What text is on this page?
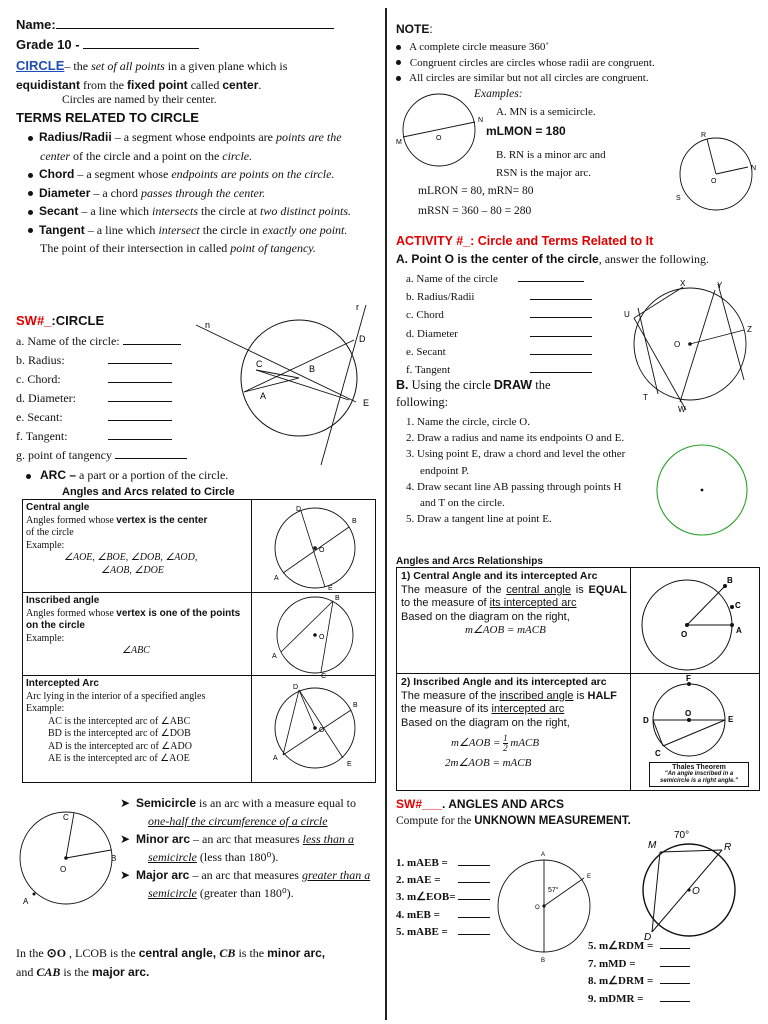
Name:
Grade 10 -
CIRCLE– the set of all points in a given plane which is
equidistant from the fixed point called center.
Circles are named by their center.
TERMS RELATED TO CIRCLE
Radius/Radii – a segment whose endpoints are points are the center of the circle and a point on the circle.
Chord – a segment whose endpoints are points on the circle.
Diameter – a chord passes through the center.
Secant – a line which intersects the circle at two distinct points.
Tangent – a line which intersect the circle in exactly one point. The point of their intersection in called point of tangency.
SW#_:CIRCLE
a. Name of the circle:
b. Radius:
c. Chord:
d. Diameter:
e. Secant:
f. Tangent:
g. point of tangency
n
r
D
C	B
A
E
ARC – a part or a portion of the circle.
Angles and Arcs related to Circle
Central angle
Angles formed whose vertex is the center
of the circle
Example:
∠AOE, ∠BOE, ∠DOB, ∠AOD,
∠AOB, ∠DOE
Inscribed angle
Angles formed whose vertex is one of the points on the circle
Example:
∠ABC
Intercepted Arc
Arc lying in the interior of a specified angles
Example:
AC is the intercepted arc of ∠ABC
BD is the intercepted arc of ∠DOB
AD is the intercepted arc of ∠ADO
AE is the intercepted arc of ∠AOE
D
B
O
A
E
B
O
A
C
D
B
O
A
E
C
B
O
A
➤ Semicircle is an arc with a measure equal to one-half the circumference of a circle
➤ Minor arc – an arc that measures less than a semicircle (less than 180⁰).
➤ Major arc – an arc that measures greater than a semicircle (greater than 180⁰).
In the ⊙O , LCOB is the central angle, CB is the minor arc,
and CAB is the major arc.
NOTE:
A complete circle measure 360˚
Congruent circles are circles whose radii are congruent.
All circles are similar but not all circles are congruent.
Examples:
A. MN is a semicircle.
mLMON = 180
B. RN is a minor arc and
RSN is the major arc.
mLRON = 80, mRN= 80
mRSN = 360 – 80 = 280
M
O
N
R
N
O
S
ACTIVITY #_: Circle and Terms Related to It
A. Point O is the center of the circle, answer the following.
a. Name of the circle
b. Radius/Radii
c. Chord
d. Diameter
e. Secant
f. Tangent
X	Y
U
Z
O
T
W
B. Using the circle DRAW the following:
1. Name the circle, circle O.
2. Draw a radius and name its endpoints O and E.
3. Using point E, draw a chord and level the other endpoint P.
4. Draw secant line AB passing through points H and T on the circle.
5. Draw a tangent line at point E.
Angles and Arcs Relationships
1) Central Angle and its intercepted Arc
The measure of the central angle is EQUAL to the measure of its intercepted arc
Based on the diagram on the right,
m∠AOB = mACB
2) Inscribed Angle and its intercepted arc
The measure of the inscribed angle is HALF the measure of its intercepted arc
Based on the diagram on the right,
m∠AOB = $\frac{1}{2}$ mACB
2m∠AOB = mACB
B
C
O	A
F
D
O
E
C
Thales Theorem
"An angle inscribed in a semicircle is a right angle."
SW#___. ANGLES AND ARCS
Compute for the UNKNOWN MEASUREMENT.
1. mAEB =
2. mAE =
3. m∠EOB=
4. mEB =
5. mABE =
A
E
O
B
57°
70°
M	R
O
D
5. m∠RDM =
7. mMD =
8. m∠DRM =
9. mDMR =
